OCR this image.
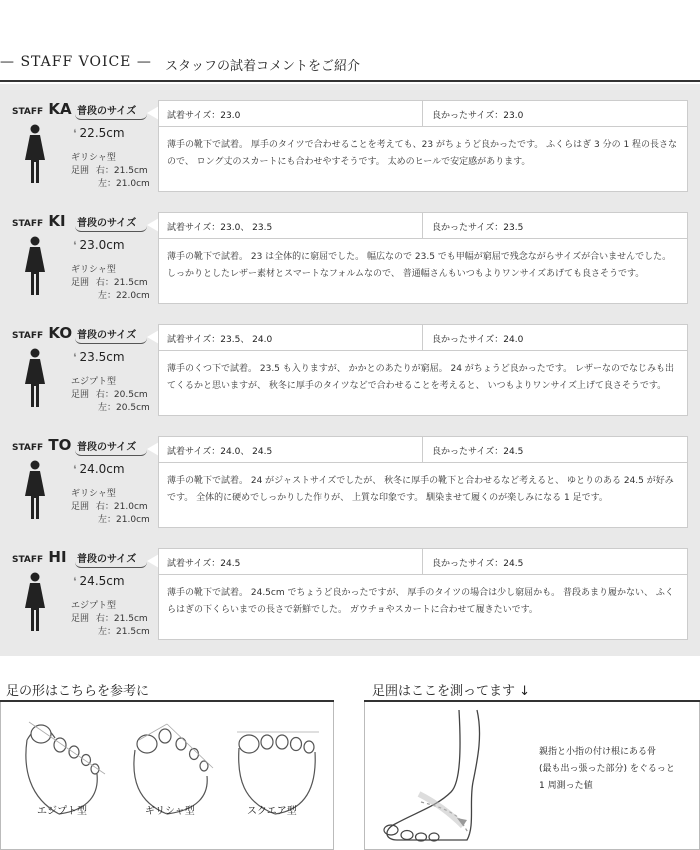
— STAFF VOICE — スタッフの試着コメントをご紹介
STAFF KA 普段のサイズ
❛ 22.5cm
ギリシャ型
足囲 右：21.5cm
左：21.0cm
試着サイズ：23.0	良かったサイズ：23.0
薄手の靴下で試着。 厚手のタイツで合わせることを考えても、23 がちょうど良かったです。 ふくらはぎ 3 分の 1 程の長さなので、 ロング丈のスカートにも合わせやすそうです。 太めのヒールで安定感があります。
STAFF KI 普段のサイズ
❛ 23.0cm
ギリシャ型
足囲 右：21.5cm
左：22.0cm
試着サイズ：23.0、 23.5	良かったサイズ：23.5
薄手の靴下で試着。 23 は全体的に窮屈でした。 幅広なので 23.5 でも甲幅が窮屈で残念ながらサイズが合いませんでした。 しっかりとしたレザー素材とスマートなフォルムなので、 普通幅さんもいつもよりワンサイズあげても良さそうです。
STAFF KO 普段のサイズ
❛ 23.5cm
エジプト型
足囲 右：20.5cm
左：20.5cm
試着サイズ：23.5、 24.0	良かったサイズ：24.0
薄手のくつ下で試着。 23.5 も入りますが、 かかとのあたりが窮屈。 24 がちょうど良かったです。 レザーなのでなじみも出てくるかと思いますが、 秋冬に厚手のタイツなどで合わせることを考えると、 いつもよりワンサイズ上げて良さそうです。
STAFF TO 普段のサイズ
❛ 24.0cm
ギリシャ型
足囲 右：21.0cm
左：21.0cm
試着サイズ：24.0、 24.5	良かったサイズ：24.5
薄手の靴下で試着。 24 がジャストサイズでしたが、 秋冬に厚手の靴下と合わせるなど考えると、 ゆとりのある 24.5 が好みです。 全体的に硬めでしっかりした作りが、 上質な印象です。 馴染ませて履くのが楽しみになる 1 足です。
STAFF HI 普段のサイズ
❛ 24.5cm
エジプト型
足囲 右：21.5cm
左：21.5cm
試着サイズ：24.5	良かったサイズ：24.5
薄手の靴下で試着。 24.5cm でちょうど良かったですが、 厚手のタイツの場合は少し窮屈かも。 普段あまり履かない、 ふくらはぎの下くらいまでの長さで新鮮でした。 ガウチョやスカートに合わせて履きたいです。
足の形はこちらを参考に
エジプト型	ギリシャ型	スクエア型
足囲はここを測ってます ↓
親指と小指の付け根にある骨
(最も出っ張った部分) をぐるっと
1 周測った値
